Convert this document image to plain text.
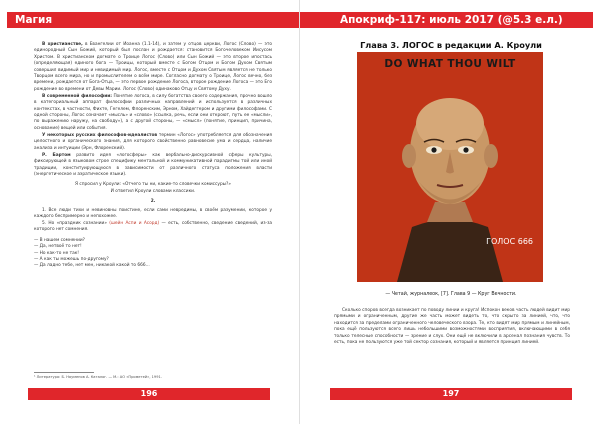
Магия

В христианстве, в Евангелии от Иоанна (1.1-14), и затем у отцов церкви, Логос (Слово) — это единородный Сын Божий, который был послан и рождается: становится Богочеловеком Иисусом Христом. В христианском догмате о Троице Логос (Слово) или Сын Божий — это второе ипостась (определяющая) единого бога — Троицы, который вместе с Богом Отцом и Богом Духом Святым совершил видимый мир и невидимый мир. Логос, вместе с Отцом и Духом Святым является не только Творцом всего мира, но и промыслителем о всём мире. Согласно догмату о Троице, Логос вечно, без времени, рождается от Бога-Отца, — это первое рождение Логоса, второе рождение Логоса — это Его рождение во времени от Девы Марии. Логос (Слово) одинаково Отцу и Святому Духу.

В современной философии: Понятие логоса, в силу богатства своего содержания, прочно вошло в категориальный аппарат философии различных направлений и используется в различных контекстах, в частности, Фихте, Гегелем, Флоренским, Эрном, Хайдеггером и другими философами. С одной стороны, Логос означает «мысль» и «слово» (ссылка, речь, если они откроют, путь ее «мысли», по выражению наружу, на свободу»), а с другой стороны, — «смысл» (понятие, принцип, причина, основание) вещей или события.

У некоторых русских философов-идеалистов термин «Логос» употребляется для обозначения целостного и органического знания, для которого свойственно равновесие ума и сердца, наличие анализа и интуиции (Эрн, Флоренский).

Р. Бартом развито идея «логосферы» как вербально-дискурсивной сферы культуры, фиксирующей в языковом строе специфику ментальной и коммуникативной парадигмы той или иной традиции, конституирующуюся в зависимости от различного статуса положения власти (энергетическое и аэратическое языки).

Я спросил у Кроули: «Отчего ты ни, какие-то словечки комиссуры?»
И ответил Кроули словами классики.
2.

1. Все люди тихи и невиновны поистине, если сами невредимы, в своём разумении, которое у каждого беспримерно и непохожее.

5. Но «праздник сознании» (шейн Аспи и Асорд) — есть, собственно, сведение сведений, из-за которого нет сомнения.

— В нашем сомнении?

— Да, нетвоё то нет!

— Но как-то не так!

— А как ты можешь по-другому?

— Да ладно тебе, нет мен, никакой какой то 666...

¹ Литература: Б. Науменов А. Каталог. — М.: АО «Прометей», 1991.
196
Апокриф-117: июль 2017 (@5.3 е.л.)
Глава 3. ЛОГОС в редакции А. Кроули
DO WHAT THOU WILT
ГОЛОС 666
— Четай, журналеок, [7]. Глава 9 — Круг Вечности.
Сколько споров всегда возникает по поводу линии и круга! Испокон веков часть людей видит мир прямыми и ограниченным, другие же часть может видеть то, что скрыто за линией, что, что находится за пределами ограниченного человеческого взора. Те, кто видят мир прямым и линейным, пока ещё пользуются всего лишь небольшими возможностями восприятия, включающими в себя только телесные способности — зрение и слух. Они ещё не включили в арсенал познания чувств. То есть, пока не пользуются уже той сектор сознания, который и является принцип линией.
197
